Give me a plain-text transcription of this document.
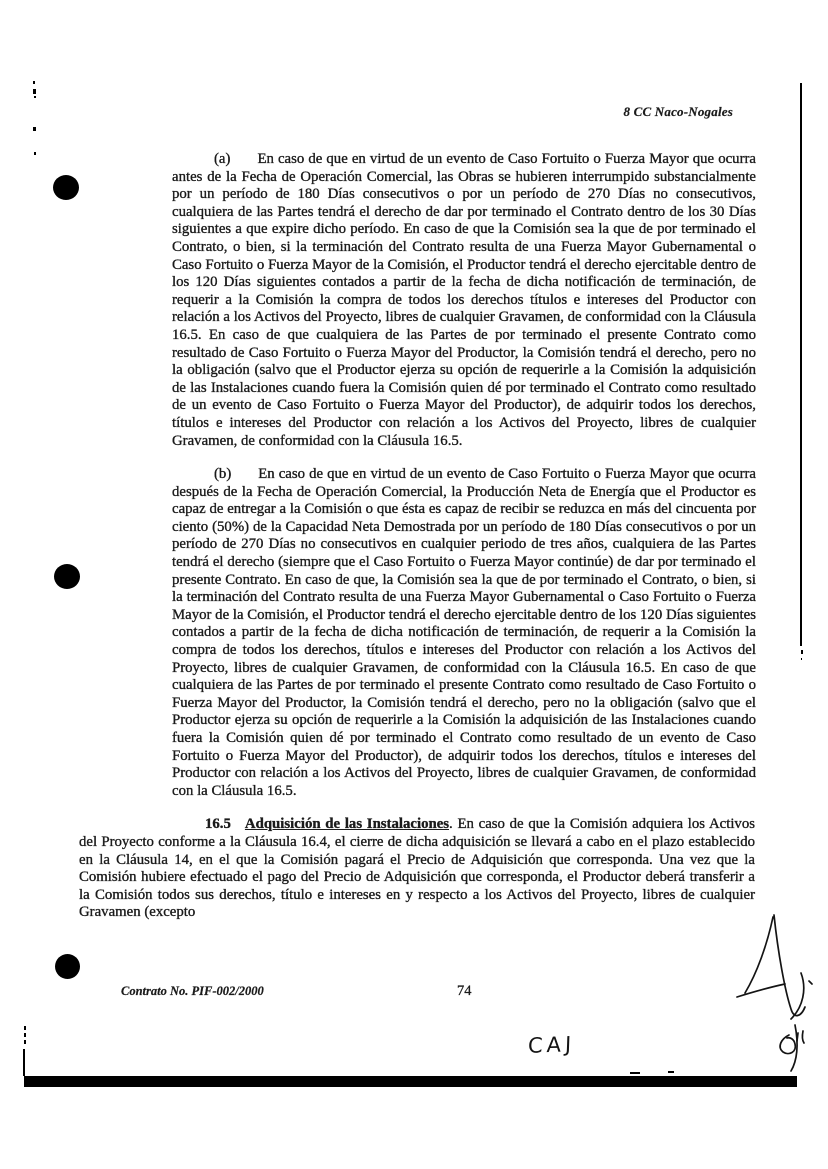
8 CC Naco-Nogales

(a) En caso de que en virtud de un evento de Caso Fortuito o Fuerza Mayor que ocurra antes de la Fecha de Operación Comercial, las Obras se hubieren interrumpido substancialmente por un período de 180 Días consecutivos o por un período de 270 Días no consecutivos, cualquiera de las Partes tendrá el derecho de dar por terminado el Contrato dentro de los 30 Días siguientes a que expire dicho período. En caso de que la Comisión sea la que de por terminado el Contrato, o bien, si la terminación del Contrato resulta de una Fuerza Mayor Gubernamental o Caso Fortuito o Fuerza Mayor de la Comisión, el Productor tendrá el derecho ejercitable dentro de los 120 Días siguientes contados a partir de la fecha de dicha notificación de terminación, de requerir a la Comisión la compra de todos los derechos títulos e intereses del Productor con relación a los Activos del Proyecto, libres de cualquier Gravamen, de conformidad con la Cláusula 16.5. En caso de que cualquiera de las Partes de por terminado el presente Contrato como resultado de Caso Fortuito o Fuerza Mayor del Productor, la Comisión tendrá el derecho, pero no la obligación (salvo que el Productor ejerza su opción de requerirle a la Comisión la adquisición de las Instalaciones cuando fuera la Comisión quien dé por terminado el Contrato como resultado de un evento de Caso Fortuito o Fuerza Mayor del Productor), de adquirir todos los derechos, títulos e intereses del Productor con relación a los Activos del Proyecto, libres de cualquier Gravamen, de conformidad con la Cláusula 16.5.

(b) En caso de que en virtud de un evento de Caso Fortuito o Fuerza Mayor que ocurra después de la Fecha de Operación Comercial, la Producción Neta de Energía que el Productor es capaz de entregar a la Comisión o que ésta es capaz de recibir se reduzca en más del cincuenta por ciento (50%) de la Capacidad Neta Demostrada por un período de 180 Días consecutivos o por un período de 270 Días no consecutivos en cualquier periodo de tres años, cualquiera de las Partes tendrá el derecho (siempre que el Caso Fortuito o Fuerza Mayor continúe) de dar por terminado el presente Contrato. En caso de que, la Comisión sea la que de por terminado el Contrato, o bien, si la terminación del Contrato resulta de una Fuerza Mayor Gubernamental o Caso Fortuito o Fuerza Mayor de la Comisión, el Productor tendrá el derecho ejercitable dentro de los 120 Días siguientes contados a partir de la fecha de dicha notificación de terminación, de requerir a la Comisión la compra de todos los derechos, títulos e intereses del Productor con relación a los Activos del Proyecto, libres de cualquier Gravamen, de conformidad con la Cláusula 16.5. En caso de que cualquiera de las Partes de por terminado el presente Contrato como resultado de Caso Fortuito o Fuerza Mayor del Productor, la Comisión tendrá el derecho, pero no la obligación (salvo que el Productor ejerza su opción de requerirle a la Comisión la adquisición de las Instalaciones cuando fuera la Comisión quien dé por terminado el Contrato como resultado de un evento de Caso Fortuito o Fuerza Mayor del Productor), de adquirir todos los derechos, títulos e intereses del Productor con relación a los Activos del Proyecto, libres de cualquier Gravamen, de conformidad con la Cláusula 16.5.

16.5 Adquisición de las Instalaciones. En caso de que la Comisión adquiera los Activos del Proyecto conforme a la Cláusula 16.4, el cierre de dicha adquisición se llevará a cabo en el plazo establecido en la Cláusula 14, en el que la Comisión pagará el Precio de Adquisición que corresponda. Una vez que la Comisión hubiere efectuado el pago del Precio de Adquisición que corresponda, el Productor deberá transferir a la Comisión todos sus derechos, título e intereses en y respecto a los Activos del Proyecto, libres de cualquier Gravamen (excepto

Contrato No. PIF-002/2000	74
CAJ
